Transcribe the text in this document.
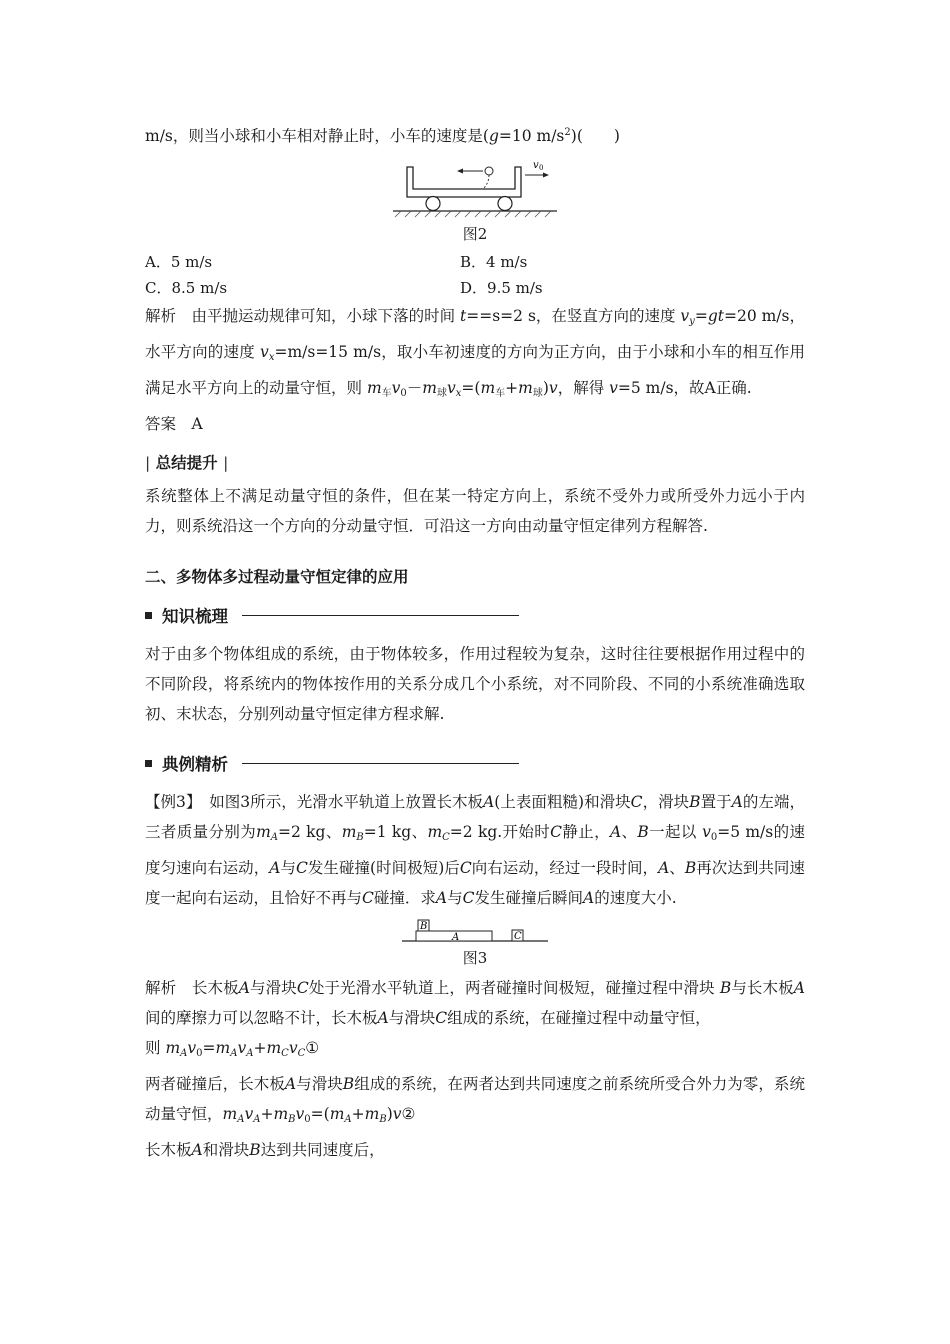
m/s，则当小球和小车相对静止时，小车的速度是(g=10 $m/s^2$)(　　)

v 0
图2
A．5 m/s	B．4 m/s
C．8.5 m/s	D．9.5 m/s

解析　由平抛运动规律可知，小球下落的时间 t==s=2 s，在竖直方向的速度 $v_y=gt=20$ m/s，水平方向的速度 $v_x=m/s=15$ m/s，取小车初速度的方向为正方向，由于小球和小车的相互作用满足水平方向上的动量守恒，则 m车v0－m球$v_x=(m$车+m球)v，解得 v=5 m/s，故A正确.

答案　A

| 总结提升 |

系统整体上不满足动量守恒的条件，但在某一特定方向上，系统不受外力或所受外力远小于内力，则系统沿这一个方向的分动量守恒．可沿这一方向由动量守恒定律列方程解答.

二、多物体多过程动量守恒定律的应用
知识梳理

对于由多个物体组成的系统，由于物体较多，作用过程较为复杂，这时往往要根据作用过程中的不同阶段，将系统内的物体按作用的关系分成几个小系统，对不同阶段、不同的小系统准确选取初、末状态，分别列动量守恒定律方程求解.

典例精析

【例3】　如图3所示，光滑水平轨道上放置长木板A(上表面粗糙)和滑块C，滑块B置于A的左端，三者质量分别为$m_A=2$ kg、$m_B=1$ kg、$m_C=2$ kg.开始时C静止，A、B一起以 v0=5 m/s的速度匀速向右运动，A与C发生碰撞(时间极短)后C向右运动，经过一段时间，A、B再次达到共同速度一起向右运动，且恰好不再与C碰撞．求A与C发生碰撞后瞬间A的速度大小.

B
A	C
图3

解析　长木板A与滑块C处于光滑水平轨道上，两者碰撞时间极短，碰撞过程中滑块 B与长木板A间的摩擦力可以忽略不计，长木板A与滑块C组成的系统，在碰撞过程中动量守恒，

则 $m_Av0=m_Av_A+m_Cv_C①$

两者碰撞后，长木板A与滑块B组成的系统，在两者达到共同速度之前系统所受合外力为零，系统动量守恒，$m_Av_A+m_Bv0=(m_A+m_B)v②$

长木板A和滑块B达到共同速度后，
